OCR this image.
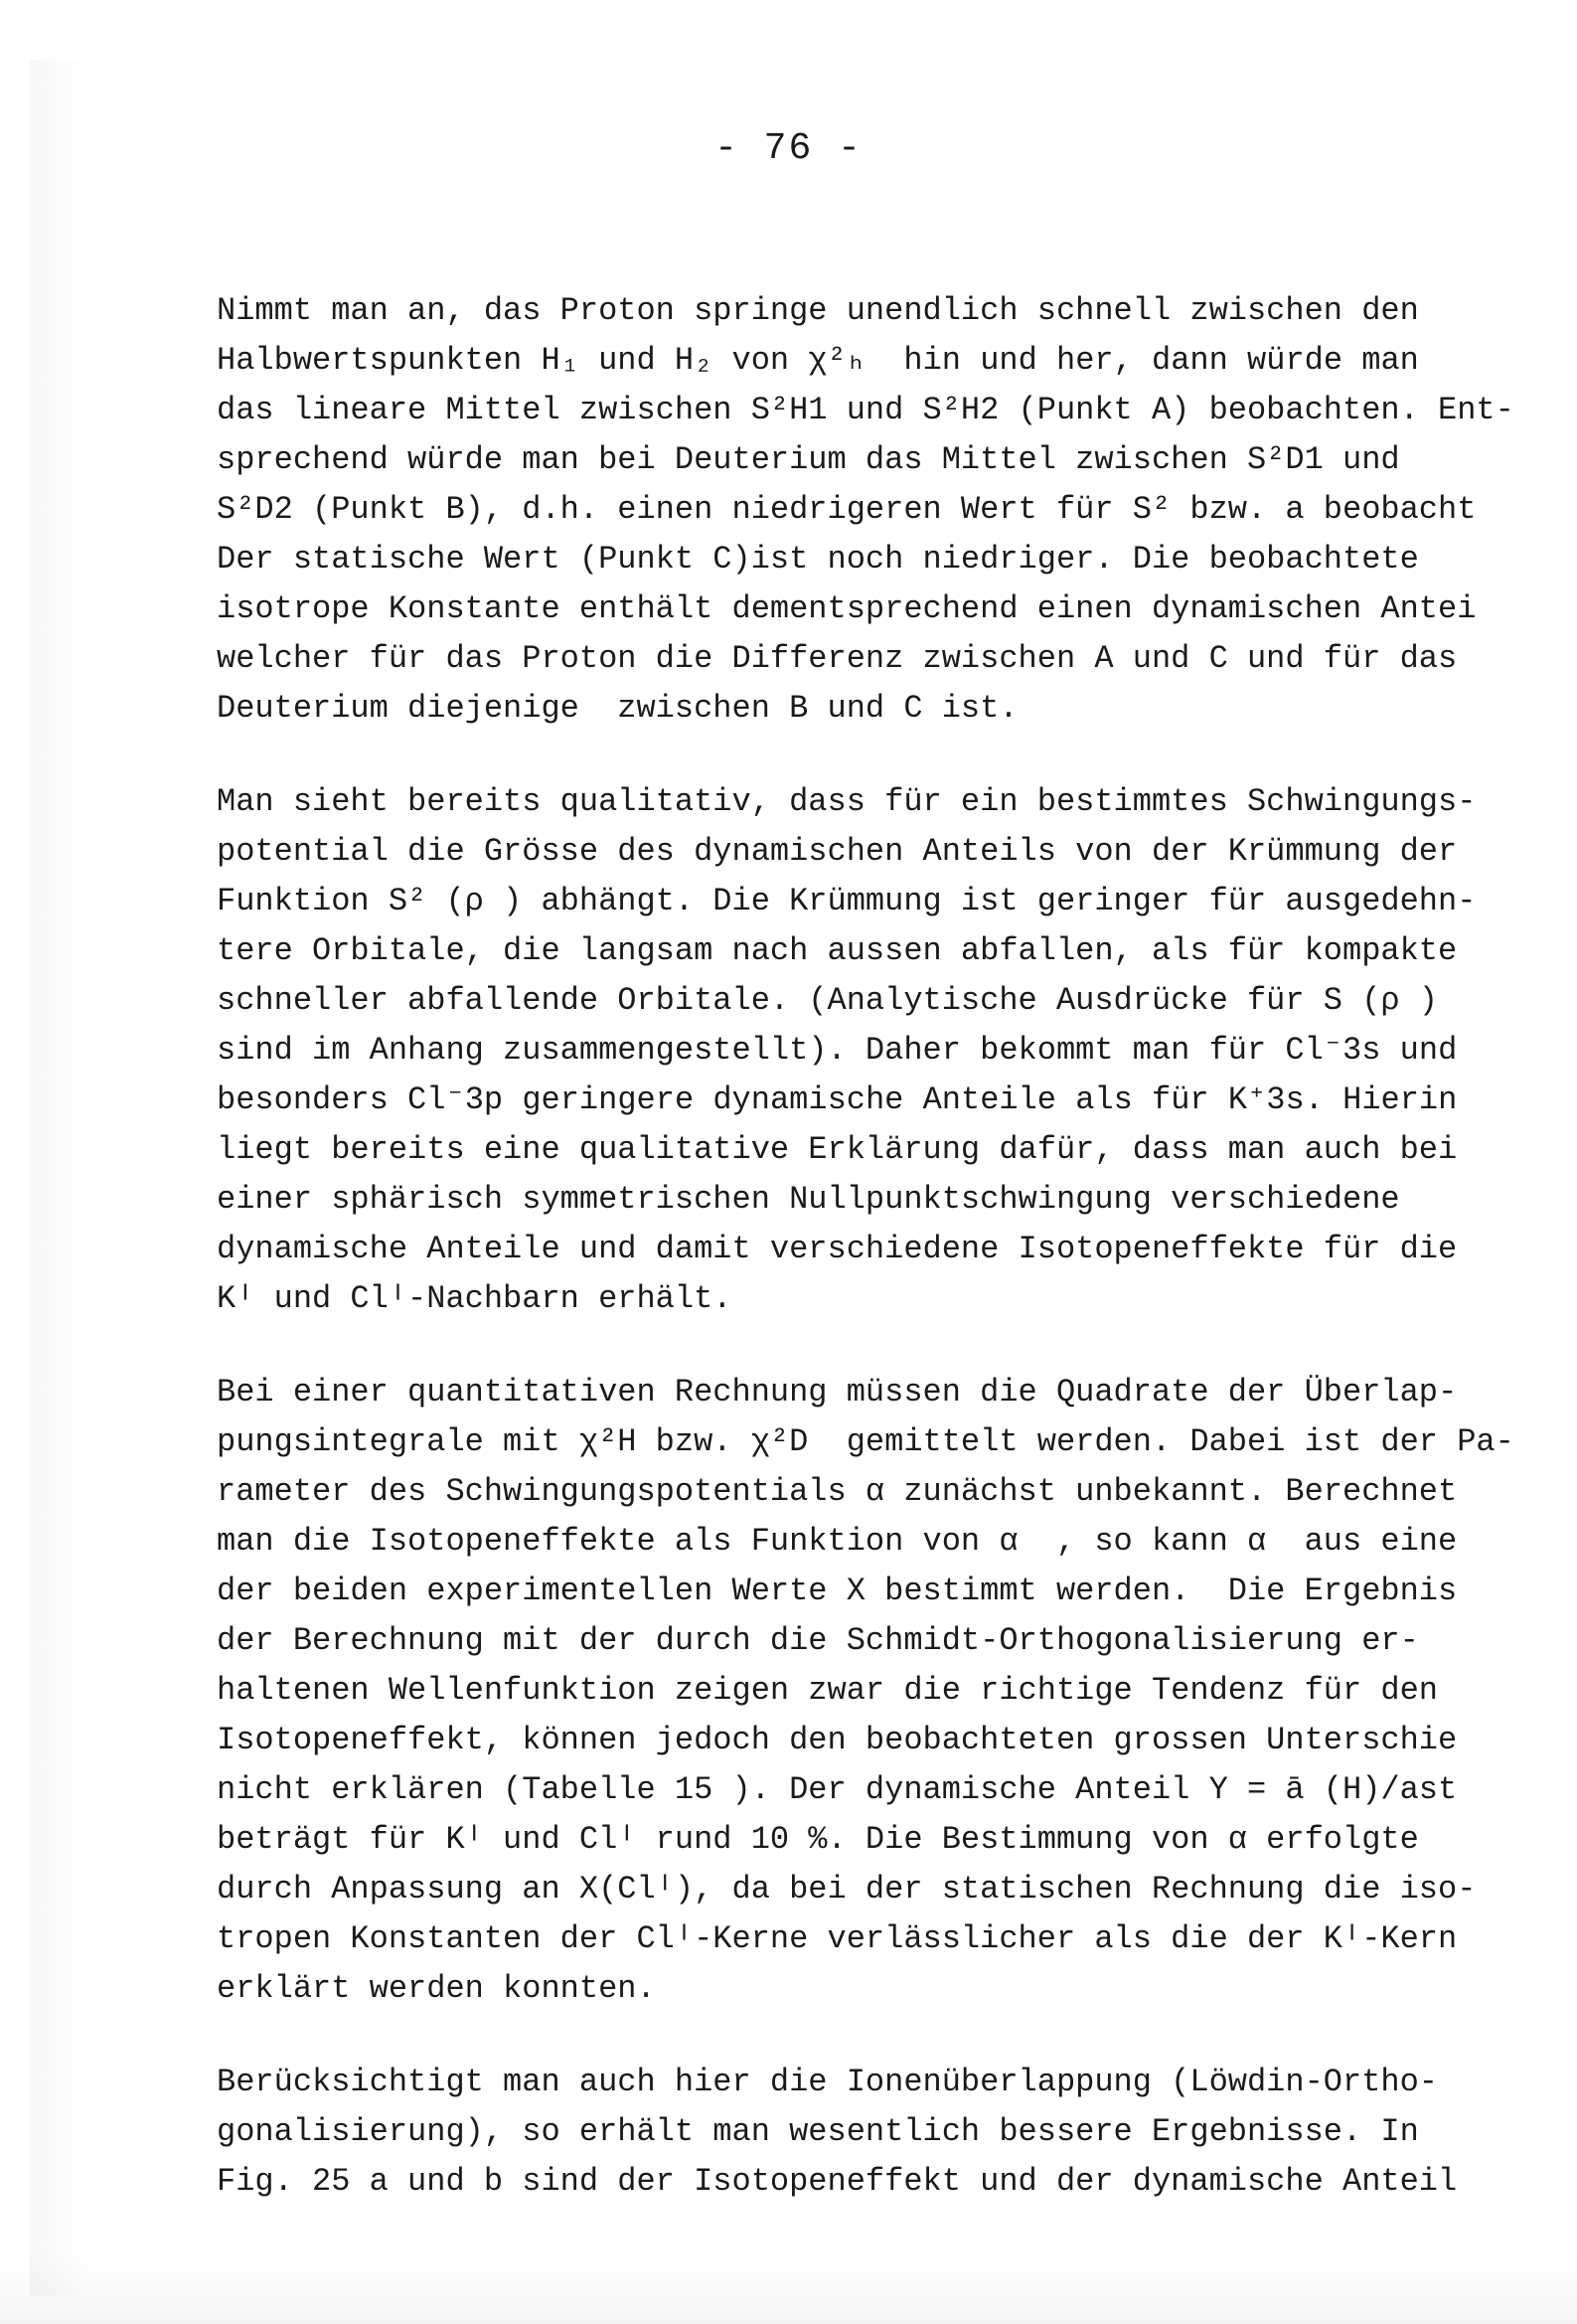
- 76 -
Nimmt man an, das Proton springe unendlich schnell zwischen den
Halbwertspunkten H₁ und H₂ von χ²ₕ  hin und her, dann würde man
das lineare Mittel zwischen S²H1 und S²H2 (Punkt A) beobachten. Ent-
sprechend würde man bei Deuterium das Mittel zwischen S²D1 und
S²D2 (Punkt B), d.h. einen niedrigeren Wert für S² bzw. a beobacht
Der statische Wert (Punkt C)ist noch niedriger. Die beobachtete
isotrope Konstante enthält dementsprechend einen dynamischen Antei
welcher für das Proton die Differenz zwischen A und C und für das
Deuterium diejenige  zwischen B und C ist.
Man sieht bereits qualitativ, dass für ein bestimmtes Schwingungs-
potential die Grösse des dynamischen Anteils von der Krümmung der
Funktion S² (ρ ) abhängt. Die Krümmung ist geringer für ausgedehn-
tere Orbitale, die langsam nach aussen abfallen, als für kompakte
schneller abfallende Orbitale. (Analytische Ausdrücke für S (ρ )
sind im Anhang zusammengestellt). Daher bekommt man für Cl⁻3s und
besonders Cl⁻3p geringere dynamische Anteile als für K⁺3s. Hierin
liegt bereits eine qualitative Erklärung dafür, dass man auch bei
einer sphärisch symmetrischen Nullpunktschwingung verschiedene
dynamische Anteile und damit verschiedene Isotopeneffekte für die
Kᴵ und Clᴵ-Nachbarn erhält.
Bei einer quantitativen Rechnung müssen die Quadrate der Überlap-
pungsintegrale mit χ²H bzw. χ²D  gemittelt werden. Dabei ist der Pa-
rameter des Schwingungspotentials α zunächst unbekannt. Berechnet
man die Isotopeneffekte als Funktion von α  , so kann α  aus eine
der beiden experimentellen Werte X bestimmt werden.  Die Ergebnis
der Berechnung mit der durch die Schmidt-Orthogonalisierung er-
haltenen Wellenfunktion zeigen zwar die richtige Tendenz für den
Isotopeneffekt, können jedoch den beobachteten grossen Unterschie
nicht erklären (Tabelle 15 ). Der dynamische Anteil Y = ā (H)/ast
beträgt für Kᴵ und Clᴵ rund 10 %. Die Bestimmung von α erfolgte
durch Anpassung an X(Clᴵ), da bei der statischen Rechnung die iso-
tropen Konstanten der Clᴵ-Kerne verlässlicher als die der Kᴵ-Kern
erklärt werden konnten.
Berücksichtigt man auch hier die Ionenüberlappung (Löwdin-Ortho-
gonalisierung), so erhält man wesentlich bessere Ergebnisse. In
Fig. 25 a und b sind der Isotopeneffekt und der dynamische Anteil
